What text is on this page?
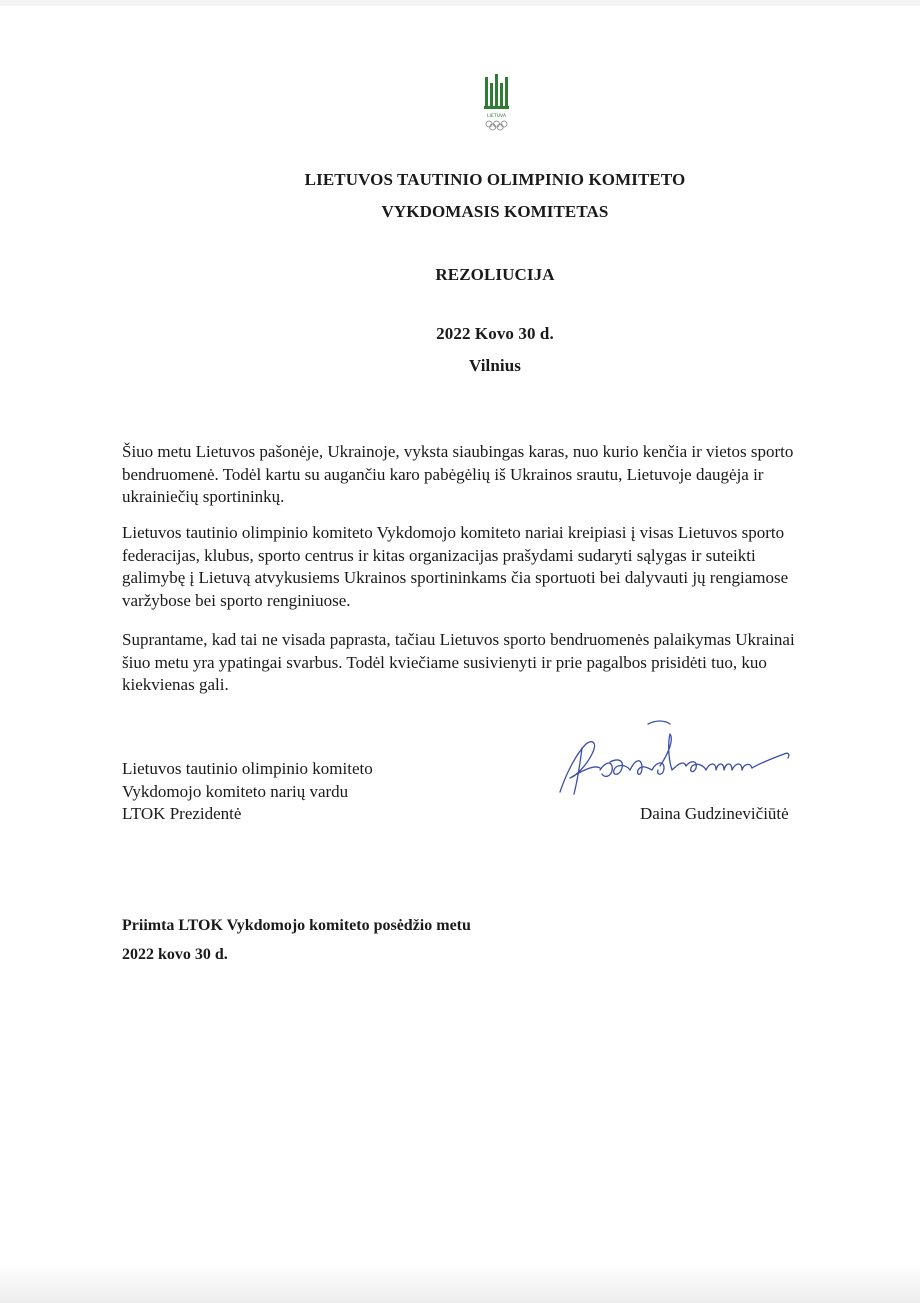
LIETUVA
LIETUVOS TAUTINIO OLIMPINIO KOMITETO
VYKDOMASIS KOMITETAS
REZOLIUCIJA
2022 Kovo 30 d.
Vilnius
Šiuo metu Lietuvos pašonėje, Ukrainoje, vyksta siaubingas karas, nuo kurio kenčia ir vietos sporto
bendruomenė. Todėl kartu su augančiu karo pabėgėlių iš Ukrainos srautu, Lietuvoje daugėja ir
ukrainiečių sportininkų.
Lietuvos tautinio olimpinio komiteto Vykdomojo komiteto nariai kreipiasi į visas Lietuvos sporto
federacijas, klubus, sporto centrus ir kitas organizacijas prašydami sudaryti sąlygas ir suteikti
galimybę į Lietuvą atvykusiems Ukrainos sportininkams čia sportuoti bei dalyvauti jų rengiamose
varžybose bei sporto renginiuose.
Suprantame, kad tai ne visada paprasta, tačiau Lietuvos sporto bendruomenės palaikymas Ukrainai
šiuo metu yra ypatingai svarbus. Todėl kviečiame susivienyti ir prie pagalbos prisidėti tuo, kuo
kiekvienas gali.
Lietuvos tautinio olimpinio komiteto
Vykdomojo komiteto narių vardu
LTOK Prezidentė	Daina Gudzinevičiūtė
Priimta LTOK Vykdomojo komiteto posėdžio metu
2022 kovo 30 d.
